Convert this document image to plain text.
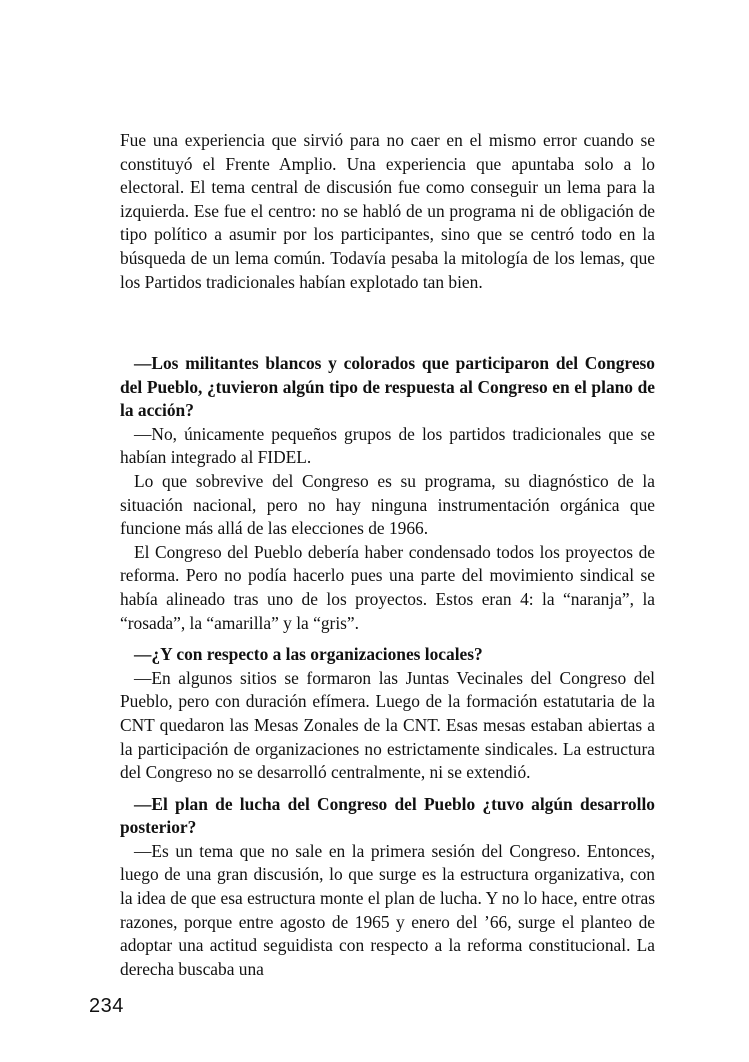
Fue una experiencia que sirvió para no caer en el mismo error cuando se constituyó el Frente Amplio. Una experiencia que apuntaba solo a lo electoral. El tema central de discusión fue como conseguir un lema para la izquierda. Ese fue el centro: no se habló de un programa ni de obligación de tipo político a asumir por los participantes, sino que se centró todo en la búsqueda de un lema común. Todavía pesaba la mitología de los lemas, que los Partidos tradicionales habían explotado tan bien.

—Los militantes blancos y colorados que participaron del Congreso del Pueblo, ¿tuvieron algún tipo de respuesta al Congreso en el plano de la acción?

—No, únicamente pequeños grupos de los partidos tradicionales que se habían integrado al FIDEL.

Lo que sobrevive del Congreso es su programa, su diagnóstico de la situación nacional, pero no hay ninguna instrumentación orgánica que funcione más allá de las elecciones de 1966.

El Congreso del Pueblo debería haber condensado todos los proyectos de reforma. Pero no podía hacerlo pues una parte del movimiento sindical se había alineado tras uno de los proyectos. Estos eran 4: la “naranja”, la “rosada”, la “amarilla” y la “gris”.

—¿Y con respecto a las organizaciones locales?

—En algunos sitios se formaron las Juntas Vecinales del Congreso del Pueblo, pero con duración efímera. Luego de la formación estatutaria de la CNT quedaron las Mesas Zonales de la CNT. Esas mesas estaban abiertas a la participación de organizaciones no estrictamente sindicales. La estructura del Congreso no se desarrolló centralmente, ni se extendió.

—El plan de lucha del Congreso del Pueblo ¿tuvo algún desarrollo posterior?

—Es un tema que no sale en la primera sesión del Congreso. Entonces, luego de una gran discusión, lo que surge es la estructura organizativa, con la idea de que esa estructura monte el plan de lucha. Y no lo hace, entre otras razones, porque entre agosto de 1965 y enero del ’66, surge el planteo de adoptar una actitud seguidista con respecto a la reforma constitucional. La derecha buscaba una

234
